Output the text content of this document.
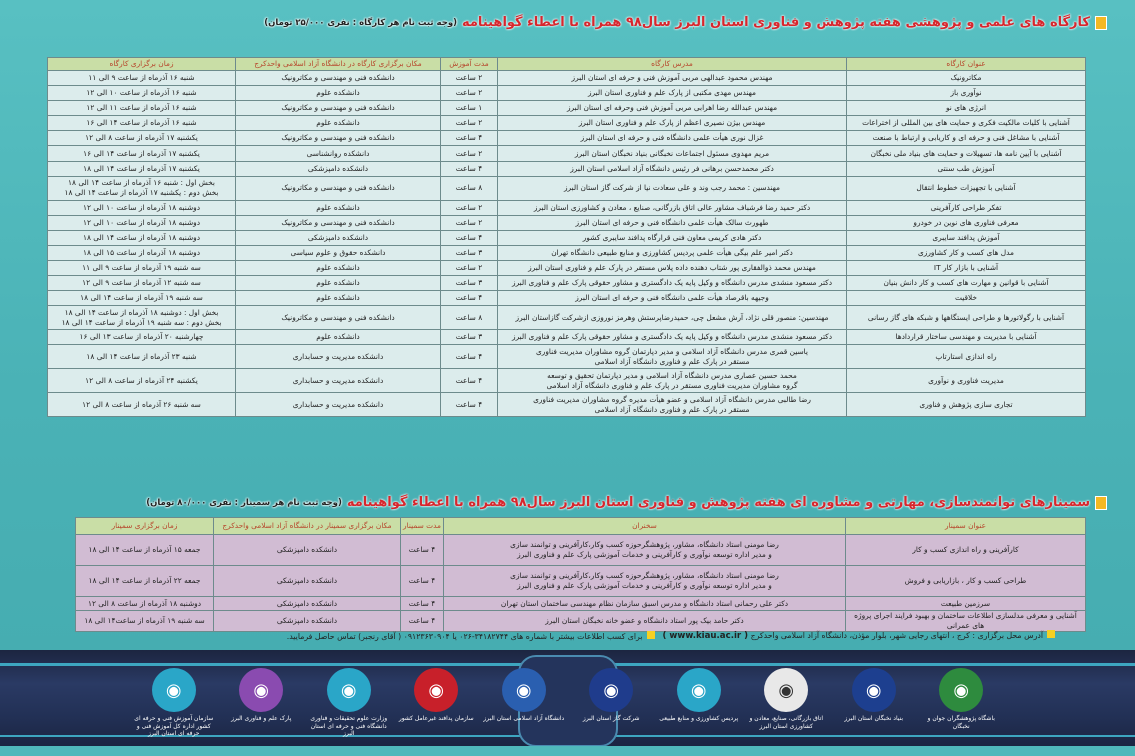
کارگاه های علمی و پژوهشی هفته پژوهش و فناوری استان البرز سال۹۸ همراه با اعطاء گواهینامه
(وجه ثبت نام هر کارگاه : نفری ۲۵/۰۰۰ تومان)
عنوان کارگاه	مدرس کارگاه	مدت آموزش	مکان برگزاری کارگاه در دانشگاه آزاد اسلامی واحدکرج	زمان برگزاری کارگاه
مکاترونیک	مهندس محمود عبدالهی مربی آموزش فنی و حرفه ای استان البرز	۲ ساعت	دانشکده فنی و مهندسی و مکاترونیک	شنبه ۱۶ آذرماه از ساعت ۹ الی ۱۱
نوآوری باز	مهندس مهدی مکتبی از پارک علم و فناوری استان البرز	۲ ساعت	دانشکده علوم	شنبه ۱۶ آذرماه از ساعت ۱۰ الی ۱۲
انرژی های نو	مهندس عبدالله رضا اهرابی مربی آموزش فنی وحرفه ای استان البرز	۱ ساعت	دانشکده فنی و مهندسی و مکاترونیک	شنبه ۱۶ آذرماه از ساعت ۱۱ الی ۱۲
آشنایی با کلیات مالکیت فکری و حمایت های بین المللی از اختراعات	مهندس بیژن نصیری اعظم از پارک علم و فناوری استان البرز	۲ ساعت	دانشکده علوم	شنبه ۱۶ آذرماه از ساعت ۱۴ الی ۱۶
آشنایی با مشاغل فنی و حرفه ای و کاریابی و ارتباط با صنعت	غزال نوری هیأت علمی دانشگاه فنی و حرفه ای استان البرز	۴ ساعت	دانشکده فنی و مهندسی و مکاترونیک	یکشنبه ۱۷ آذرماه از ساعت ۸ الی ۱۲
آشنایی با آیین نامه ها، تسهیلات و حمایت های بنیاد ملی نخبگان	مریم مهدوی مسئول اجتماعات نخبگانی بنیاد نخبگان استان البرز	۲ ساعت	دانشکده روانشناسی	یکشنبه ۱۷ آذرماه از ساعت ۱۴ الی ۱۶
آموزش طب سنتی	دکتر محمدحسن برهانی فر رئیس دانشگاه آزاد اسلامی استان البرز	۴ ساعت	دانشکده دامپزشکی	یکشنبه ۱۷ آذرماه از ساعت ۱۴ الی ۱۸
آشنایی با تجهیزات خطوط انتقال	مهندسین : محمد رجب وند و علی سعادت نیا از شرکت گاز استان البرز	۸ ساعت	دانشکده فنی و مهندسی و مکاترونیک	بخش اول : شنبه ۱۶ آذرماه از ساعت ۱۴ الی ۱۸
بخش دوم : یکشنبه ۱۷ آذرماه از ساعت ۱۴ الی ۱۸

تفکر طراحی کارآفرینی	دکتر حمید رضا فرشباف مشاور عالی اتاق بازرگانی، صنایع ، معادن و کشاورزی استان البرز	۲ ساعت	دانشکده علوم	دوشنبه ۱۸ آذرماه از ساعت ۱۰ الی ۱۲
معرفی فناوری های نوین در خودرو	طهورث سالک هیأت علمی دانشگاه فنی و حرفه ای استان البرز	۲ ساعت	دانشکده فنی و مهندسی و مکاترونیک	دوشنبه ۱۸ آذرماه از ساعت ۱۰ الی ۱۲
آموزش پدافند سایبری	دکتر هادی کریمی معاون فنی قرارگاه پدافند سایبری کشور	۴ ساعت	دانشکده دامپزشکی	دوشنبه ۱۸ آذرماه از ساعت ۱۴ الی ۱۸
مدل های کسب و کار کشاورزی	دکتر امیر علم بیگی هیأت علمی پردیس کشاورزی و منابع طبیعی دانشگاه تهران	۳ ساعت	دانشکده حقوق و علوم سیاسی	دوشنبه ۱۸ آذرماه از ساعت ۱۵ الی ۱۸
آشنایی با بازار کار IT	مهندس محمد ذوالفقاری پور شتاب دهنده داده پلاس مستقر در پارک علم و فناوری استان البرز	۲ ساعت	دانشکده علوم	سه شنبه ۱۹ آذرماه از ساعت ۹ الی ۱۱
آشنایی با قوانین و مهارت های کسب و کار دانش بنیان	دکتر مسعود منشدی مدرس دانشگاه و وکیل پایه یک دادگستری و مشاور حقوقی پارک علم و فناوری البرز	۳ ساعت	دانشکده علوم	سه شنبه ۱۲ آذرماه از ساعت ۹ الی ۱۲
خلاقیت	وجیهه باقرصاد هیأت علمی دانشگاه فنی و حرفه ای استان البرز	۴ ساعت	دانشکده علوم	سه شنبه ۱۹ آذرماه از ساعت ۱۴ الی ۱۸
آشنایی با رگولاتورها و طراحی ایستگاهها و شبکه های گاز رسانی	مهندسین: منصور قلی نژاد، آرش مشعل چی، حمیدرضاپرستش وهرمز نوروزی ازشرکت گازاستان البرز	۸ ساعت	دانشکده فنی و مهندسی و مکاترونیک	بخش اول : دوشنبه ۱۸ آذرماه از ساعت ۱۴ الی ۱۸
بخش دوم : سه شنبه ۱۹ آذرماه از ساعت ۱۴ الی ۱۸

آشنایی با مدیریت و مهندسی ساختار قراردادها	دکتر مسعود منشدی مدرس دانشگاه و وکیل پایه یک دادگستری و مشاور حقوقی پارک علم و فناوری البرز	۳ ساعت	دانشکده علوم	چهارشنبه ۲۰ آذرماه از ساعت ۱۳ الی ۱۶
راه اندازی استارتاپ	یاسین قمری مدرس دانشگاه آزاد اسلامی و مدیر دپارتمان گروه مشاوران مدیریت فناوری
مستقر در پارک علم و فناوری دانشگاه آزاد اسلامی	۴ ساعت	دانشکده مدیریت و حسابداری	شنبه ۲۳ آذرماه از ساعت ۱۴ الی ۱۸
مدیریت فناوری و نوآوری	محمد حسین عصاری مدرس دانشگاه آزاد اسلامی و مدیر دپارتمان تحقیق و توسعه
گروه مشاوران مدیریت فناوری مستقر در پارک علم و فناوری دانشگاه آزاد اسلامی	۴ ساعت	دانشکده مدیریت و حسابداری	یکشنبه ۲۴ آذرماه از ساعت ۸ الی ۱۲
تجاری سازی پژوهش و فناوری	رضا طالبی مدرس دانشگاه آزاد اسلامی و عضو هیأت مدیره گروه مشاوران مدیریت فناوری
مستقر در پارک علم و فناوری دانشگاه آزاد اسلامی	۴ ساعت	دانشکده مدیریت و حسابداری	سه شنبه ۲۶ آذرماه از ساعت ۸ الی ۱۲
سمینارهای توانمندسازی، مهارتی و مشاوره ای هفته پژوهش و فناوری استان البرز سال۹۸ همراه با اعطاء گواهینامه
(وجه ثبت نام هر سمینار : نفری ۸۰/۰۰۰ تومان)
عنوان سمینار	سخنران	مدت سمینار	مکان برگزاری سمینار در دانشگاه آزاد اسلامی واحدکرج	زمان برگزاری سمینار
کارآفرینی و راه اندازی کسب و کار	رضا مومنی استاد دانشگاه، مشاور، پژوهشگرحوزه کسب وکار،کارآفرینی و توانمند سازی
و مدیر اداره توسعه نوآوری و کارآفرینی و خدمات آموزشی پارک علم و فناوری البرز	۴ ساعت	دانشکده دامپزشکی	جمعه ۱۵ آذرماه از ساعت ۱۴ الی ۱۸
طراحی کسب و کار ، بازاریابی و فروش	رضا مومنی استاد دانشگاه، مشاور، پژوهشگرحوزه کسب وکار،کارآفرینی و توانمند سازی
و مدیر اداره توسعه نوآوری و کارآفرینی و خدمات آموزشی پارک علم و فناوری البرز	۴ ساعت	دانشکده دامپزشکی	جمعه ۲۲ آذرماه از ساعت ۱۴ الی ۱۸
سرزمین طبیعت	دکتر علی رحمانی استاد دانشگاه و مدرس اسبق سازمان نظام مهندسی ساختمان استان تهران	۴ ساعت	دانشکده دامپزشکی	دوشنبه ۱۸ آذرماه از ساعت ۸ الی ۱۲
آشنایی و معرفی مدلسازی اطلاعات ساختمان و بهبود فرایند اجرای پروژه های عمرانی	دکتر حامد بیک پور استاد دانشگاه و عضو خانه نخبگان استان البرز	۴ ساعت	دانشکده دامپزشکی	سه شنبه ۱۹ آذرماه از ساعت۱۴ الی ۱۸
آدرس محل برگزاری : کرج ، انتهای رجایی شهر، بلوار مؤذن، دانشگاه آزاد اسلامی واحدکرج ( www.kiau.ac.ir )
برای کسب اطلاعات بیشتر با شماره های ۳۴۱۸۲۷۴۴-۰۲۶ یا ۰۹۱۲۳۶۳۰۹۰۴ ( آقای رنجبر) تماس حاصل فرمایید.
◉
باشگاه پژوهشگران جوان و نخبگان
◉
بنیاد نخبگان استان البرز
◉
اتاق بازرگانی، صنایع، معادن و کشاورزی استان البرز
◉
پردیس کشاورزی و منابع طبیعی
◉
شرکت گاز استان البرز
◉
دانشگاه آزاد اسلامی استان البرز
◉
سازمان پدافند غیرعامل کشور
◉
وزارت علوم تحقیقات و فناوری دانشگاه فنی و حرفه ای استان البرز
◉
پارک علم و فناوری البرز
◉
سازمان آموزش فنی و حرفه ای کشور اداره کل آموزش فنی و حرفه ای استان البرز
